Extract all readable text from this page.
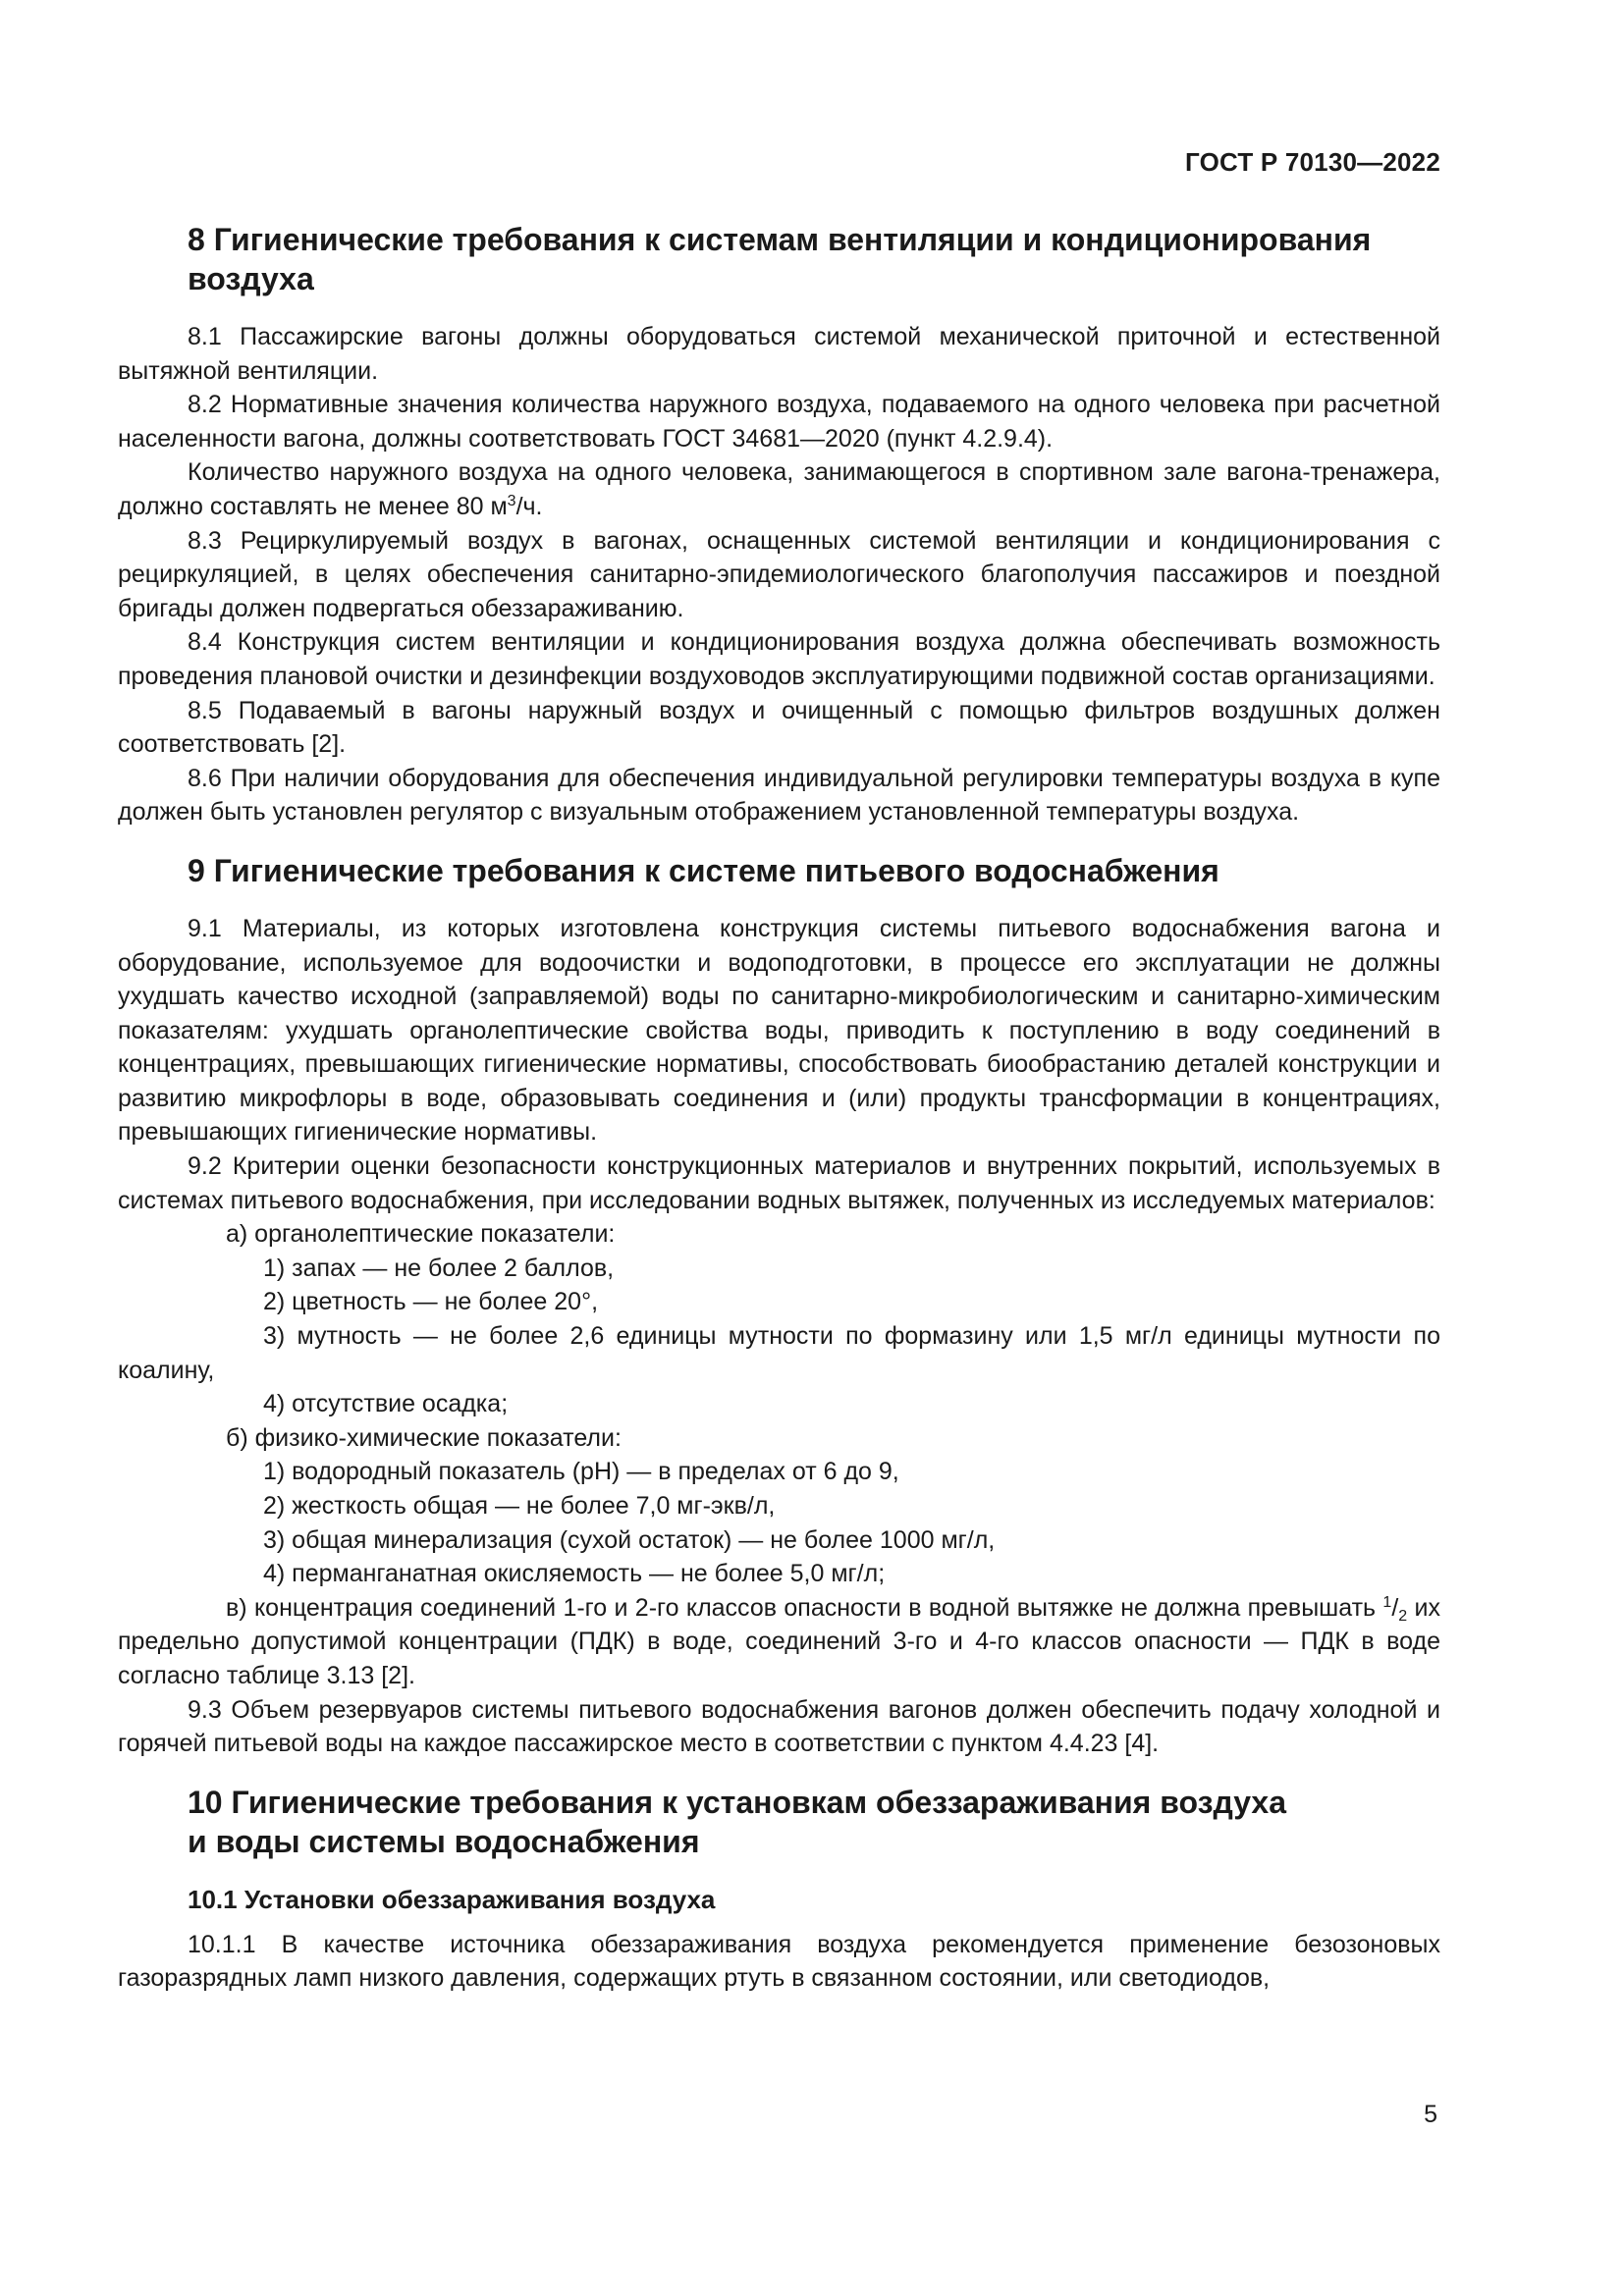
ГОСТ Р 70130—2022
8 Гигиенические требования к системам вентиляции и кондиционирования
воздуха

8.1 Пассажирские вагоны должны оборудоваться системой механической приточной и естественной вытяжной вентиляции.

8.2 Нормативные значения количества наружного воздуха, подаваемого на одного человека при расчетной населенности вагона, должны соответствовать ГОСТ 34681—2020 (пункт 4.2.9.4).

Количество наружного воздуха на одного человека, занимающегося в спортивном зале вагона-тренажера, должно составлять не менее 80 $м^3/ч$.

8.3 Рециркулируемый воздух в вагонах, оснащенных системой вентиляции и кондиционирования с рециркуляцией, в целях обеспечения санитарно-эпидемиологического благополучия пассажиров и поездной бригады должен подвергаться обеззараживанию.

8.4 Конструкция систем вентиляции и кондиционирования воздуха должна обеспечивать возможность проведения плановой очистки и дезинфекции воздуховодов эксплуатирующими подвижной состав организациями.

8.5 Подаваемый в вагоны наружный воздух и очищенный с помощью фильтров воздушных должен соответствовать [2].

8.6 При наличии оборудования для обеспечения индивидуальной регулировки температуры воздуха в купе должен быть установлен регулятор с визуальным отображением установленной температуры воздуха.

9 Гигиенические требования к системе питьевого водоснабжения

9.1 Материалы, из которых изготовлена конструкция системы питьевого водоснабжения вагона и оборудование, используемое для водоочистки и водоподготовки, в процессе его эксплуатации не должны ухудшать качество исходной (заправляемой) воды по санитарно-микробиологическим и санитарно-химическим показателям: ухудшать органолептические свойства воды, приводить к поступлению в воду соединений в концентрациях, превышающих гигиенические нормативы, способствовать биообрастанию деталей конструкции и развитию микрофлоры в воде, образовывать соединения и (или) продукты трансформации в концентрациях, превышающих гигиенические нормативы.

9.2 Критерии оценки безопасности конструкционных материалов и внутренних покрытий, используемых в системах питьевого водоснабжения, при исследовании водных вытяжек, полученных из исследуемых материалов:

а) органолептические показатели:

1) запах — не более 2 баллов,

2) цветность — не более 20°,

3) мутность — не более 2,6 единицы мутности по формазину или 1,5 мг/л единицы мутности по коалину,

4) отсутствие осадка;

б) физико-химические показатели:

1) водородный показатель (pH) — в пределах от 6 до 9,

2) жесткость общая — не более 7,0 мг-экв/л,

3) общая минерализация (сухой остаток) — не более 1000 мг/л,

4) перманганатная окисляемость — не более 5,0 мг/л;

в) концентрация соединений 1-го и 2-го классов опасности в водной вытяжке не должна превышать $^1/_2$ их предельно допустимой концентрации (ПДК) в воде, соединений 3-го и 4-го классов опасности — ПДК в воде согласно таблице 3.13 [2].

9.3 Объем резервуаров системы питьевого водоснабжения вагонов должен обеспечить подачу холодной и горячей питьевой воды на каждое пассажирское место в соответствии с пунктом 4.4.23 [4].

10 Гигиенические требования к установкам обеззараживания воздуха
и воды системы водоснабжения
10.1 Установки обеззараживания воздуха

10.1.1 В качестве источника обеззараживания воздуха рекомендуется применение безозоновых газоразрядных ламп низкого давления, содержащих ртуть в связанном состоянии, или светодиодов,

5
